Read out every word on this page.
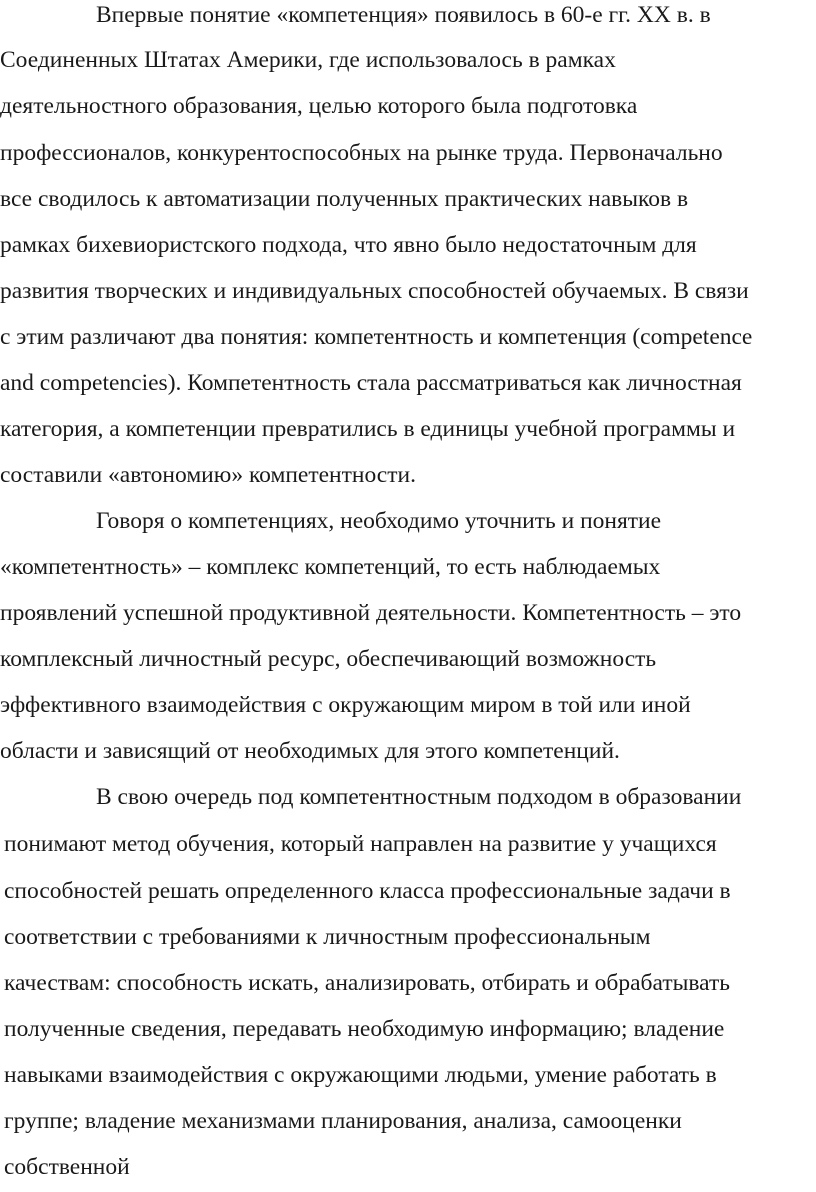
Впервые понятие «компетенция» появилось в 60-е гг. XX в. в
Соединенных Штатах Америки, где использовалось в рамках
деятельностного образования, целью которого была подготовка
профессионалов, конкурентоспособных на рынке труда. Первоначально
все сводилось к автоматизации полученных практических навыков в
рамках бихевиористского подхода, что явно было недостаточным для
развития творческих и индивидуальных способностей обучаемых. В связи
с этим различают два понятия: компетентность и компетенция (competence
and competencies). Компетентность стала рассматриваться как личностная
категория, а компетенции превратились в единицы учебной программы и
составили «автономию» компетентности.
Говоря о компетенциях, необходимо уточнить и понятие
«компетентность» – комплекс компетенций, то есть наблюдаемых
проявлений успешной продуктивной деятельности. Компетентность – это
комплексный личностный ресурс, обеспечивающий возможность
эффективного взаимодействия с окружающим миром в той или иной
области и зависящий от необходимых для этого компетенций.
В свою очередь под компетентностным подходом в образовании
понимают метод обучения, который направлен на развитие у учащихся
способностей решать определенного класса профессиональные задачи в
соответствии с требованиями к личностным профессиональным
качествам: способность искать, анализировать, отбирать и обрабатывать
полученные сведения, передавать необходимую информацию; владение
навыками взаимодействия с окружающими людьми, умение работать в
группе; владение механизмами планирования, анализа, самооценки
собственной
